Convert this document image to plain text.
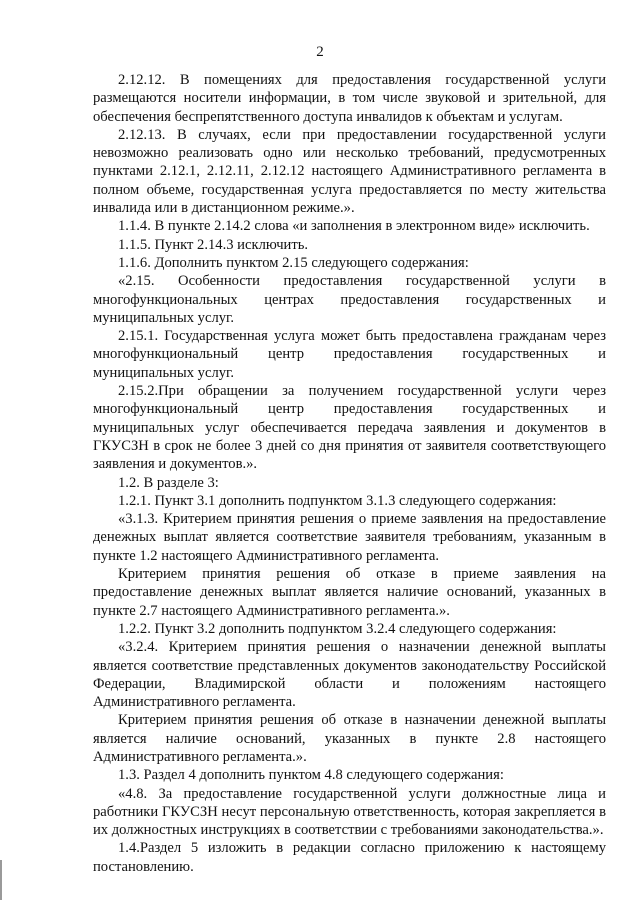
2

2.12.12. В помещениях для предоставления государственной услуги размещаются носители информации, в том числе звуковой и зрительной, для обеспечения беспрепятственного доступа инвалидов к объектам и услугам.

2.12.13. В случаях, если при предоставлении государственной услуги невозможно реализовать одно или несколько требований, предусмотренных пунктами 2.12.1, 2.12.11, 2.12.12 настоящего Административного регламента в полном объеме, государственная услуга предоставляется по месту жительства инвалида или в дистанционном режиме.».

1.1.4. В пункте 2.14.2 слова «и заполнения в электронном виде» исключить.

1.1.5. Пункт 2.14.3 исключить.

1.1.6. Дополнить пунктом 2.15 следующего содержания:

«2.15. Особенности предоставления государственной услуги в многофункциональных центрах предоставления государственных и муниципальных услуг.

2.15.1. Государственная услуга может быть предоставлена гражданам через многофункциональный центр предоставления государственных и муниципальных услуг.

2.15.2.При обращении за получением государственной услуги через многофункциональный центр предоставления государственных и муниципальных услуг обеспечивается передача заявления и документов в ГКУСЗН в срок не более 3 дней со дня принятия от заявителя соответствующего заявления и документов.».

1.2. В разделе 3:

1.2.1. Пункт 3.1 дополнить подпунктом 3.1.3 следующего содержания:

«3.1.3. Критерием принятия решения о приеме заявления на предоставление денежных выплат является соответствие заявителя требованиям, указанным в пункте 1.2 настоящего Административного регламента.

Критерием принятия решения об отказе в приеме заявления на предоставление денежных выплат является наличие оснований, указанных в пункте 2.7 настоящего Административного регламента.».

1.2.2. Пункт 3.2 дополнить подпунктом 3.2.4 следующего содержания:

«3.2.4. Критерием принятия решения о назначении денежной выплаты является соответствие представленных документов законодательству Российской Федерации, Владимирской области и положениям настоящего Административного регламента.

Критерием принятия решения об отказе в назначении денежной выплаты является наличие оснований, указанных в пункте 2.8 настоящего Административного регламента.».

1.3. Раздел 4 дополнить пунктом 4.8 следующего содержания:

«4.8. За предоставление государственной услуги должностные лица и работники ГКУСЗН несут персональную ответственность, которая закрепляется в их должностных инструкциях в соответствии с требованиями законодательства.».

1.4.Раздел 5 изложить в редакции согласно приложению к настоящему постановлению.
